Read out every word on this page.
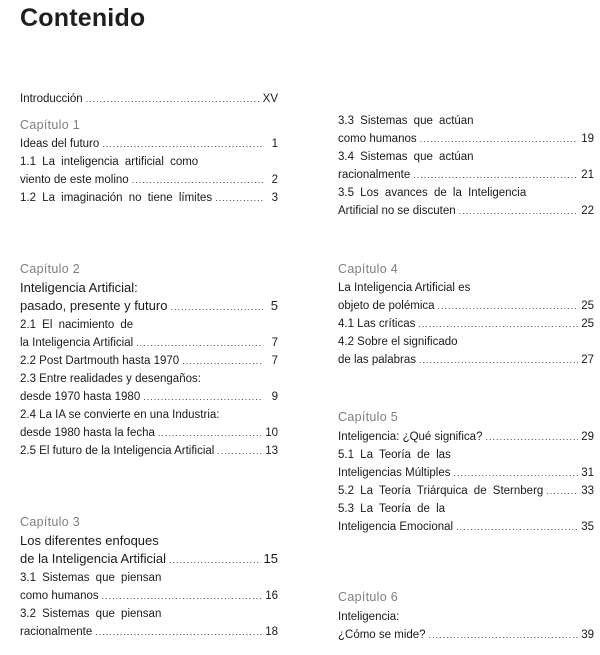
Contenido
Introducción .....	XV
Capítulo 1
Ideas del futuro .....	1
1.1 La inteligencia artificial como
viento de este molino .....	2
1.2 La imaginación no tiene límites .....	3
Capítulo 2
Inteligencia Artificial:
pasado, presente y futuro .....	5
2.1 El nacimiento de
la Inteligencia Artificial .....	7
2.2 Post Dartmouth hasta 1970 .....	7
2.3 Entre realidades y desengaños:
desde 1970 hasta 1980 .....	9
2.4 La IA se convierte en una Industria:
desde 1980 hasta la fecha .....	10
2.5 El futuro de la Inteligencia Artificial .....	13
Capítulo 3
Los diferentes enfoques
de la Inteligencia Artificial .....	15
3.1 Sistemas que piensan
como humanos .....	16
3.2 Sistemas que piensan
racionalmente .....	18
3.3 Sistemas que actúan
como humanos .....	19
3.4 Sistemas que actúan
racionalmente .....	21
3.5 Los avances de la Inteligencia
Artificial no se discuten .....	22
Capítulo 4
La Inteligencia Artificial es
objeto de polémica .....	25
4.1 Las críticas .....	25
4.2 Sobre el significado
de las palabras .....	27
Capítulo 5
Inteligencia: ¿Qué significa? .....	29
5.1 La Teoría de las
Inteligencias Múltiples .....	31
5.2 La Teoría Triárquica de Sternberg .....	33
5.3 La Teoría de la
Inteligencia Emocional .....	35
Capítulo 6
Inteligencia:
¿Cómo se mide? .....	39
